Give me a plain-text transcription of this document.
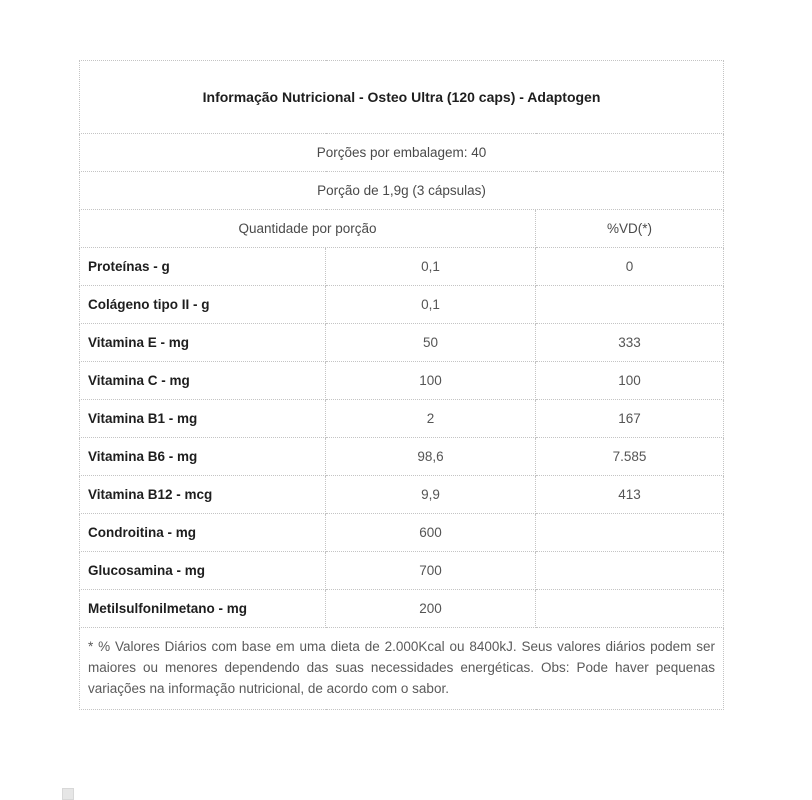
Informação Nutricional - Osteo Ultra (120 caps) - Adaptogen		
Porções por embalagem: 40		
Porção de 1,9g (3 cápsulas)		
Quantidade por porção		%VD(*)
Proteínas - g	0,1	0
Colágeno tipo II - g	0,1	
Vitamina E - mg	50	333
Vitamina C - mg	100	100
Vitamina B1 - mg	2	167
Vitamina B6 - mg	98,6	7.585
Vitamina B12 - mcg	9,9	413
Condroitina - mg	600	
Glucosamina - mg	700	
Metilsulfonilmetano - mg	200	
* % Valores Diários com base em uma dieta de 2.000Kcal ou 8400kJ. Seus valores diários podem ser maiores ou menores dependendo das suas necessidades energéticas. Obs: Pode haver pequenas variações na informação nutricional, de acordo com o sabor.		
